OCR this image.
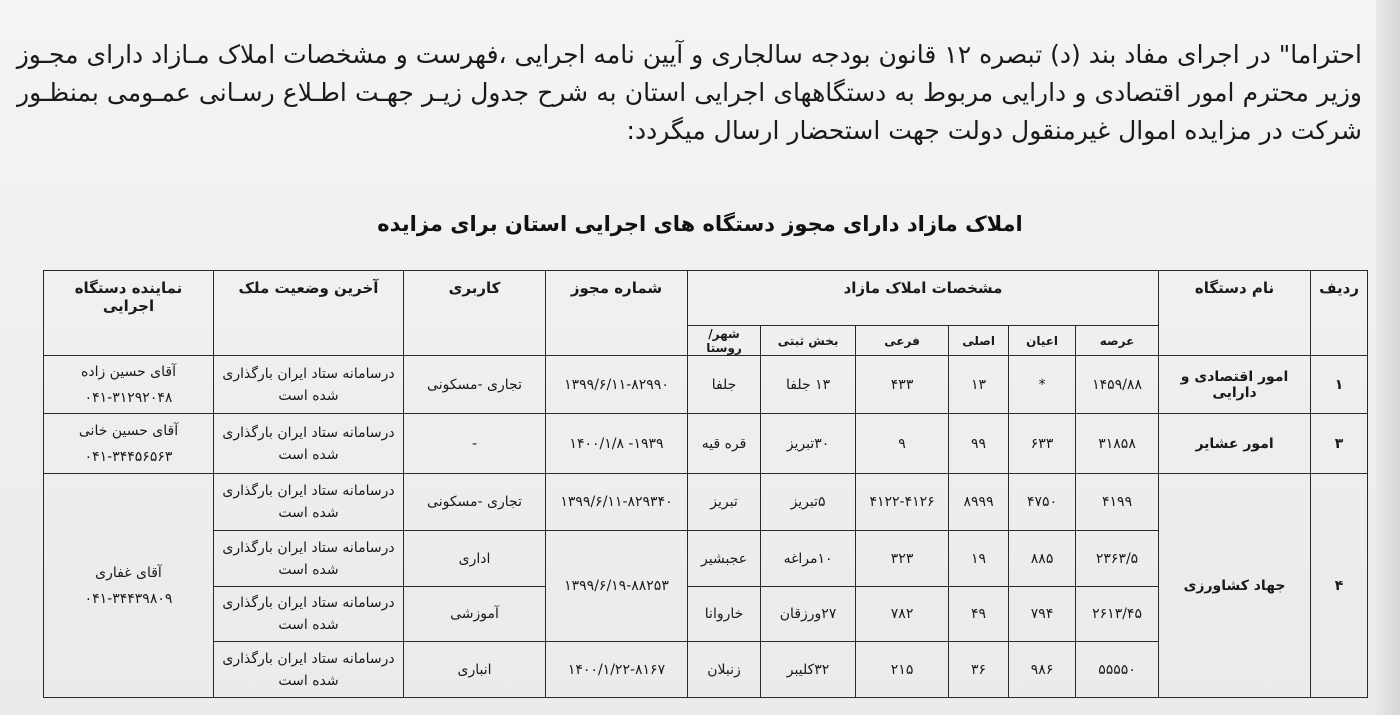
احتراما" در اجرای مفاد بند (د) تبصره ۱۲ قانون بودجه سالجاری و آیین نامه اجرایی ،فهرست و مشخصات املاک مـازاد دارای مجـوز
وزیر محترم امور اقتصادی و دارایی مربوط به دستگاههای اجرایی استان به شرح جدول زیـر جهـت اطـلاع رسـانی عمـومی بمنظـور
شرکت در مزایده اموال غیرمنقول دولت جهت استحضار ارسال میگردد:
املاک مازاد دارای مجوز دستگاه های اجرایی استان برای مزایده
ردیف	نام دستگاه	مشخصات املاک مازاد						شماره مجوز	کاربری	آخرین وضعیت ملک	نماینده دستگاه اجرایی
		عرصه	اعیان	اصلی	فرعی	بخش ثبتی	شهر/روستا				
۱	امور اقتصادی و دارایی	۱۴۵۹/۸۸	*	۱۳	۴۳۳	۱۳ جلفا	جلفا	۱۳۹۹/۶/۱۱-۸۲۹۹۰	تجاری -مسکونی	درسامانه ستاد ایران بارگذاری شده است	آقای حسین زاده
۰۴۱-۳۱۲۹۲۰۴۸

۳	امور عشایر	۳۱۸۵۸	۶۳۳	۹۹	۹	۳۰تبریز	قره قیه	۱۴۰۰/۱/۸ -۱۹۳۹	-	درسامانه ستاد ایران بارگذاری شده است	آقای حسین خانی
۰۴۱-۳۴۴۵۶۵۶۳

۴	جهاد کشاورزی	۴۱۹۹	۴۷۵۰	۸۹۹۹	۴۱۲۲-۴۱۲۶	۵تبریز	تبریز	۱۳۹۹/۶/۱۱-۸۲۹۳۴۰	تجاری -مسکونی	درسامانه ستاد ایران بارگذاری شده است	آقای غفاری
۰۴۱-۳۴۴۳۹۸۰۹

		۲۳۶۳/۵	۸۸۵	۱۹	۳۲۳	۱۰مراغه	عجبشیر	۱۳۹۹/۶/۱۹-۸۸۲۵۳	اداری	درسامانه ستاد ایران بارگذاری شده است	
		۲۶۱۳/۴۵	۷۹۴	۴۹	۷۸۲	۲۷ورزقان	خاروانا		آموزشی	درسامانه ستاد ایران بارگذاری شده است	
		۵۵۵۵۰	۹۸۶	۳۶	۲۱۵	۳۲کلیبر	زنبلان	۱۴۰۰/۱/۲۲-۸۱۶۷	انباری	درسامانه ستاد ایران بارگذاری شده است	
